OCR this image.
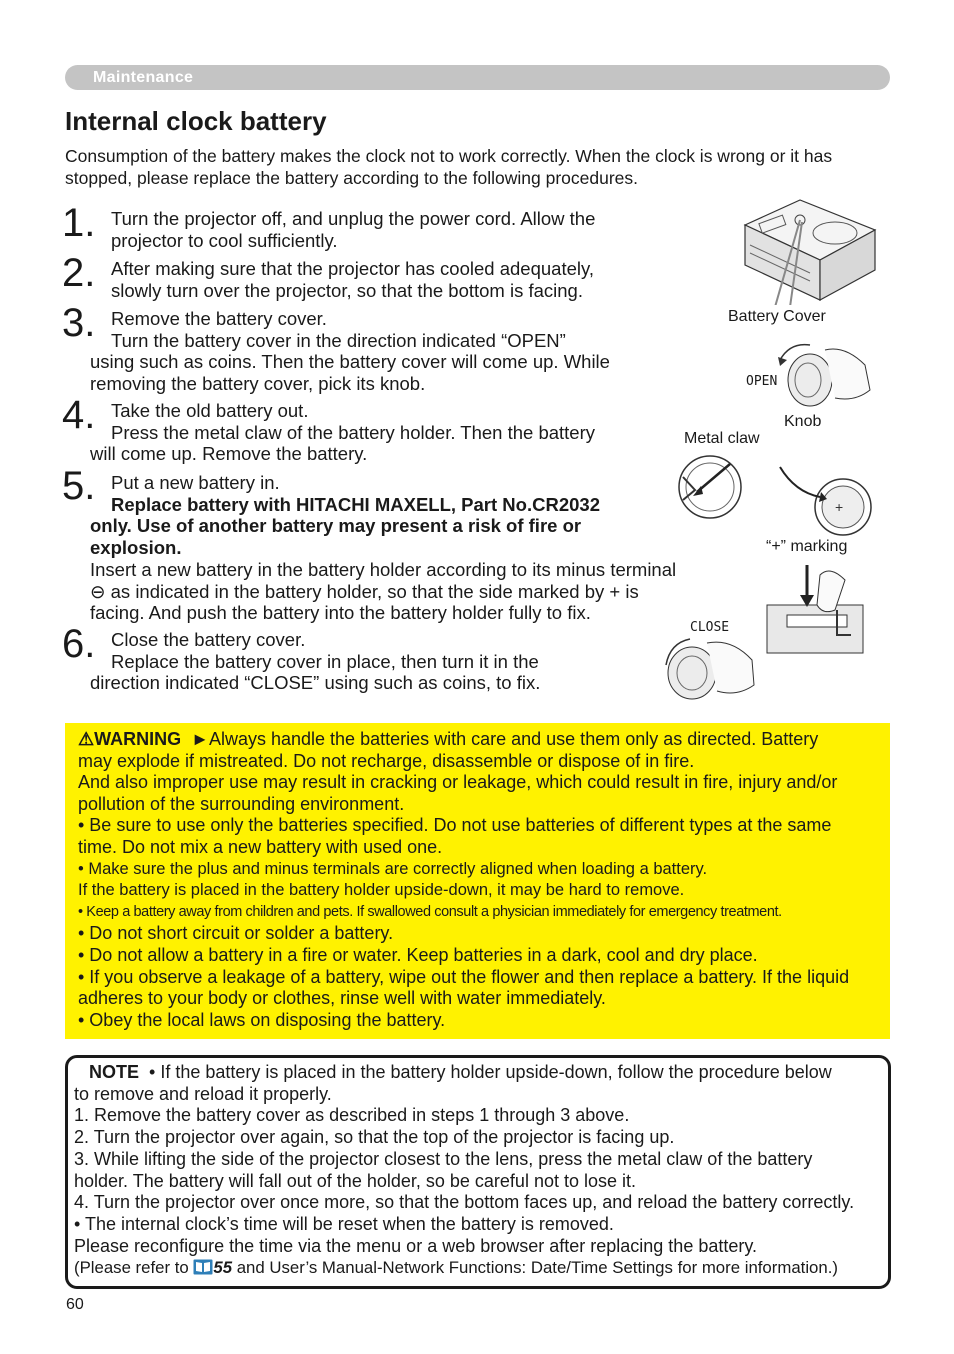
Maintenance
Internal clock battery

Consumption of the battery makes the clock not to work correctly. When the clock is wrong or it has stopped, please replace the battery according to the following procedures.

1. Turn the projector off, and unplug the power cord. Allow the
projector to cool sufficiently.
2. After making sure that the projector has cooled adequately,
slowly turn over the projector, so that the bottom is facing.
3. Remove the battery cover.
Turn the battery cover in the direction indicated “OPEN”
using such as coins. Then the battery cover will come up. While
removing the battery cover, pick its knob.
4. Take the old battery out.
Press the metal claw of the battery holder. Then the battery
will come up. Remove the battery.
5. Put a new battery in.
Replace battery with HITACHI MAXELL, Part No.CR2032
only. Use of another battery may present a risk of fire or
explosion.
Insert a new battery in the battery holder according to its minus terminal
⊖ as indicated in the battery holder, so that the side marked by + is
facing. And push the battery into the battery holder fully to fix.
6. Close the battery cover.
Replace the battery cover in place, then turn it in the
direction indicated “CLOSE” using such as coins, to fix.
Battery Cover
OPEN
Knob
Metal claw
+
“+” marking
CLOSE
⚠WARNING ►Always handle the batteries with care and use them only as directed. Battery
may explode if mistreated. Do not recharge, disassemble or dispose of in fire.
And also improper use may result in cracking or leakage, which could result in fire, injury and/or
pollution of the surrounding environment.
• Be sure to use only the batteries specified. Do not use batteries of different types at the same
time. Do not mix a new battery with used one.
• Make sure the plus and minus terminals are correctly aligned when loading a battery.
If the battery is placed in the battery holder upside-down, it may be hard to remove.
• Keep a battery away from children and pets. If swallowed consult a physician immediately for emergency treatment.
• Do not short circuit or solder a battery.
• Do not allow a battery in a fire or water. Keep batteries in a dark, cool and dry place.
• If you observe a leakage of a battery, wipe out the flower and then replace a battery. If the liquid
adheres to your body or clothes, rinse well with water immediately.
• Obey the local laws on disposing the battery.
NOTE • If the battery is placed in the battery holder upside-down, follow the procedure below
to remove and reload it properly.
1. Remove the battery cover as described in steps 1 through 3 above.
2. Turn the projector over again, so that the top of the projector is facing up.
3. While lifting the side of the projector closest to the lens, press the metal claw of the battery
holder. The battery will fall out of the holder, so be careful not to lose it.
4. Turn the projector over once more, so that the bottom faces up, and reload the battery correctly.
• The internal clock’s time will be reset when the battery is removed.
Please reconfigure the time via the menu or a web browser after replacing the battery.
(Please refer to 55 and User’s Manual-Network Functions: Date/Time Settings for more information.)
60
